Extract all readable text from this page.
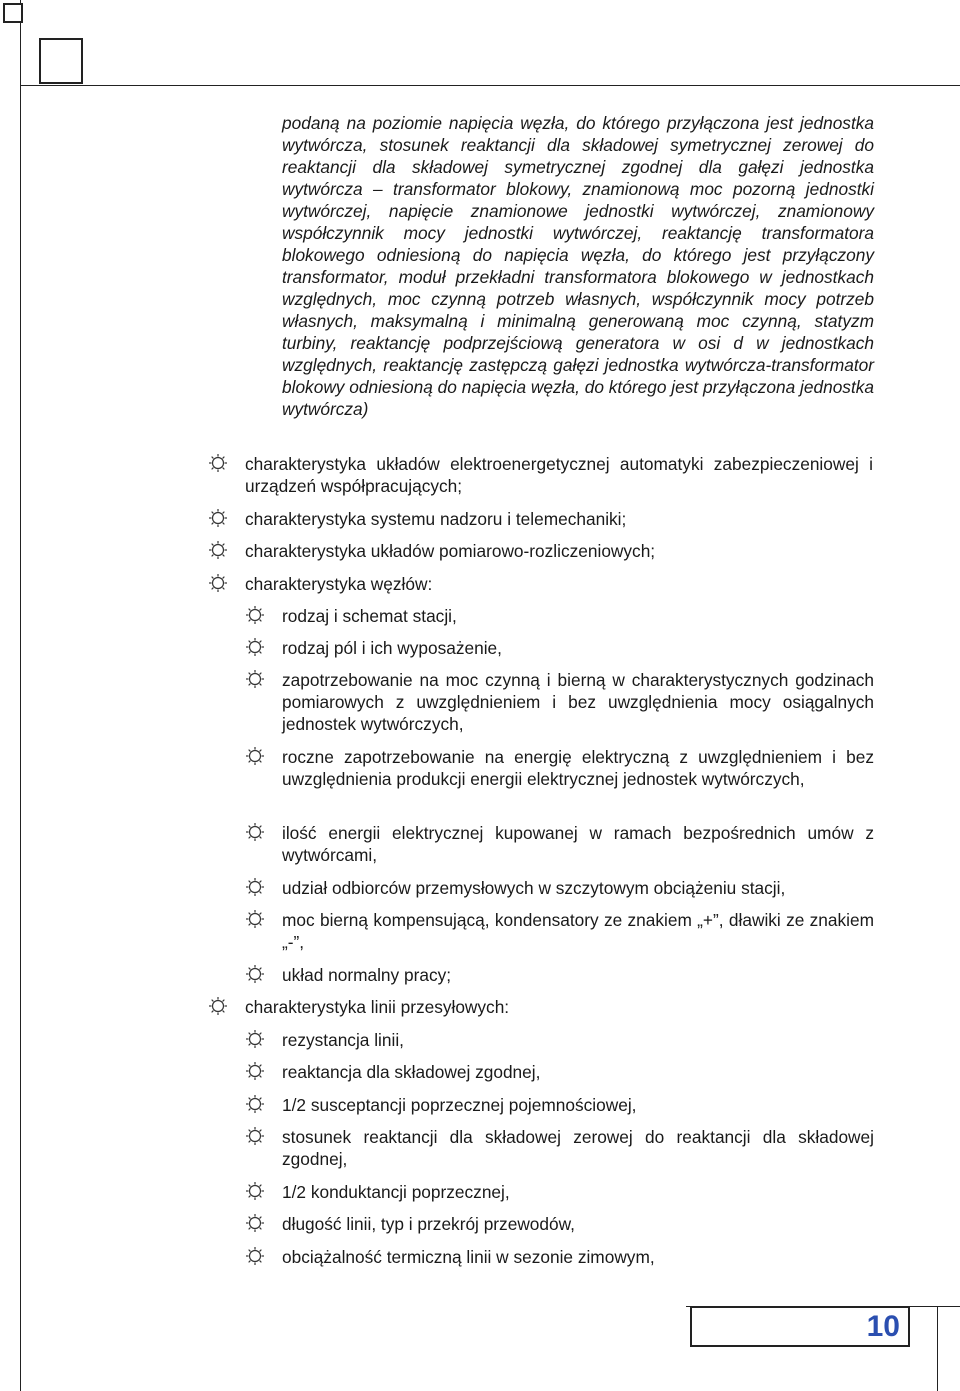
podaną na poziomie napięcia węzła, do którego przyłączona jest jednostka wytwórcza, stosunek reaktancji dla składowej symetrycznej zerowej do reaktancji dla składowej symetrycznej zgodnej dla gałęzi jednostka wytwórcza – transformator blokowy, znamionową moc pozorną jednostki wytwórczej, napięcie znamionowe jednostki wytwórczej, znamionowy współczynnik mocy jednostki wytwórczej, reaktancję transformatora blokowego odniesioną do napięcia węzła, do którego jest przyłączony transformator, moduł przekładni transformatora blokowego w jednostkach względnych, moc czynną potrzeb własnych, współczynnik mocy potrzeb własnych, maksymalną i minimalną generowaną moc czynną, statyzm turbiny, reaktancję podprzejściową generatora w osi d w jednostkach względnych, reaktancję zastępczą gałęzi jednostka wytwórcza-transformator blokowy odniesioną do napięcia węzła, do którego jest przyłączona jednostka wytwórcza)
charakterystyka układów elektroenergetycznej automatyki zabezpieczeniowej i urządzeń współpracujących;
charakterystyka systemu nadzoru i telemechaniki;
charakterystyka układów pomiarowo-rozliczeniowych;
charakterystyka węzłów:
rodzaj i schemat stacji,
rodzaj pól i ich wyposażenie,
zapotrzebowanie na moc czynną i bierną w charakterystycznych godzinach pomiarowych z uwzględnieniem i bez uwzględnienia mocy osiągalnych jednostek wytwórczych,
roczne zapotrzebowanie na energię elektryczną z uwzględnieniem i bez uwzględnienia produkcji energii elektrycznej jednostek wytwórczych,
ilość energii elektrycznej kupowanej w ramach bezpośrednich umów z wytwórcami,
udział odbiorców przemysłowych w szczytowym obciążeniu stacji,
moc bierną kompensującą, kondensatory ze znakiem „+”, dławiki ze znakiem „-”,
układ normalny pracy;
charakterystyka linii przesyłowych:
rezystancja linii,
reaktancja dla składowej zgodnej,
1/2 susceptancji poprzecznej pojemnościowej,
stosunek reaktancji dla składowej zerowej do reaktancji dla składowej zgodnej,
1/2 konduktancji poprzecznej,
długość linii, typ i przekrój przewodów,
obciążalność termiczną linii w sezonie zimowym,
10
